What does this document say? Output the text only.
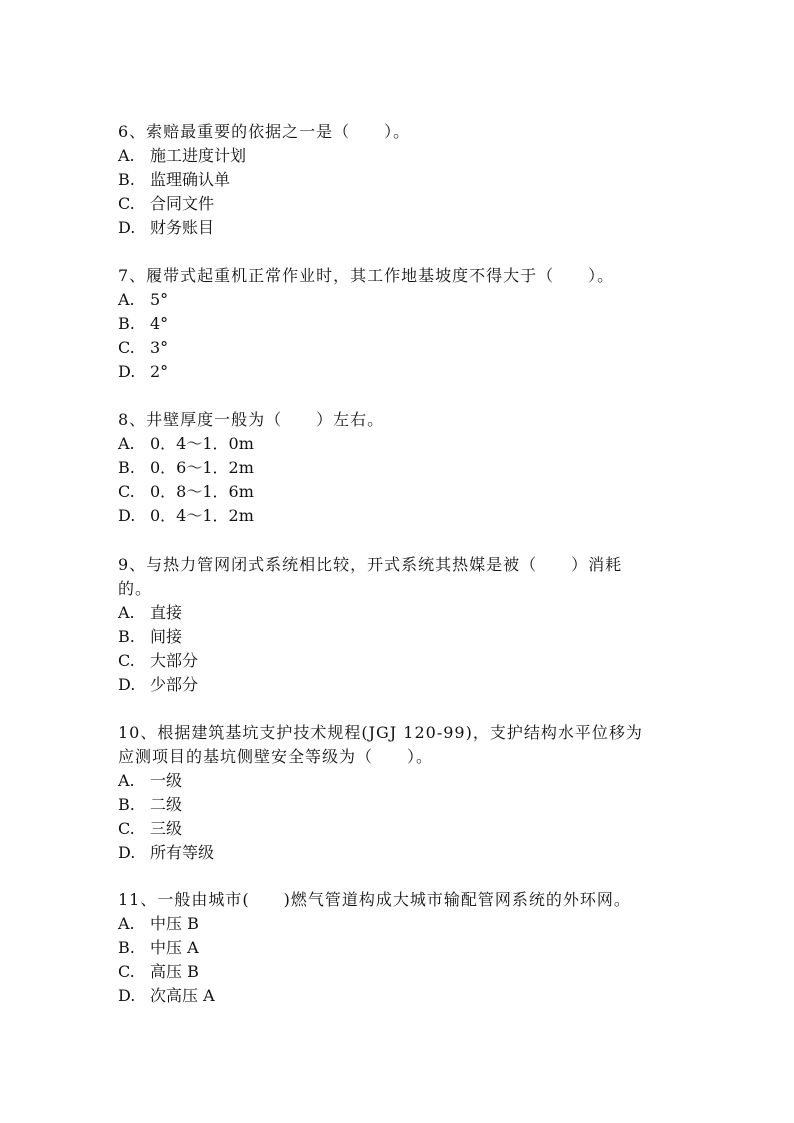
6、索赔最重要的依据之一是（　　）。
A. 施工进度计划
B. 监理确认单
C. 合同文件
D. 财务账目
7、履带式起重机正常作业时，其工作地基坡度不得大于（　　）。
A. 5°
B. 4°
C. 3°
D. 2°
8、井壁厚度一般为（　　）左右。
A. 0．4～1．0m
B. 0．6～1．2m
C. 0．8～1．6m
D. 0．4～1．2m
9、与热力管网闭式系统相比较，开式系统其热媒是被（　　）消耗
的。
A. 直接
B. 间接
C. 大部分
D. 少部分
10、根据建筑基坑支护技术规程(JGJ 120-99)，支护结构水平位移为
应测项目的基坑侧壁安全等级为（　　）。
A. 一级
B. 二级
C. 三级
D. 所有等级
11、一般由城市(　　)燃气管道构成大城市输配管网系统的外环网。
A. 中压 B
B. 中压 A
C. 高压 B
D. 次高压 A
